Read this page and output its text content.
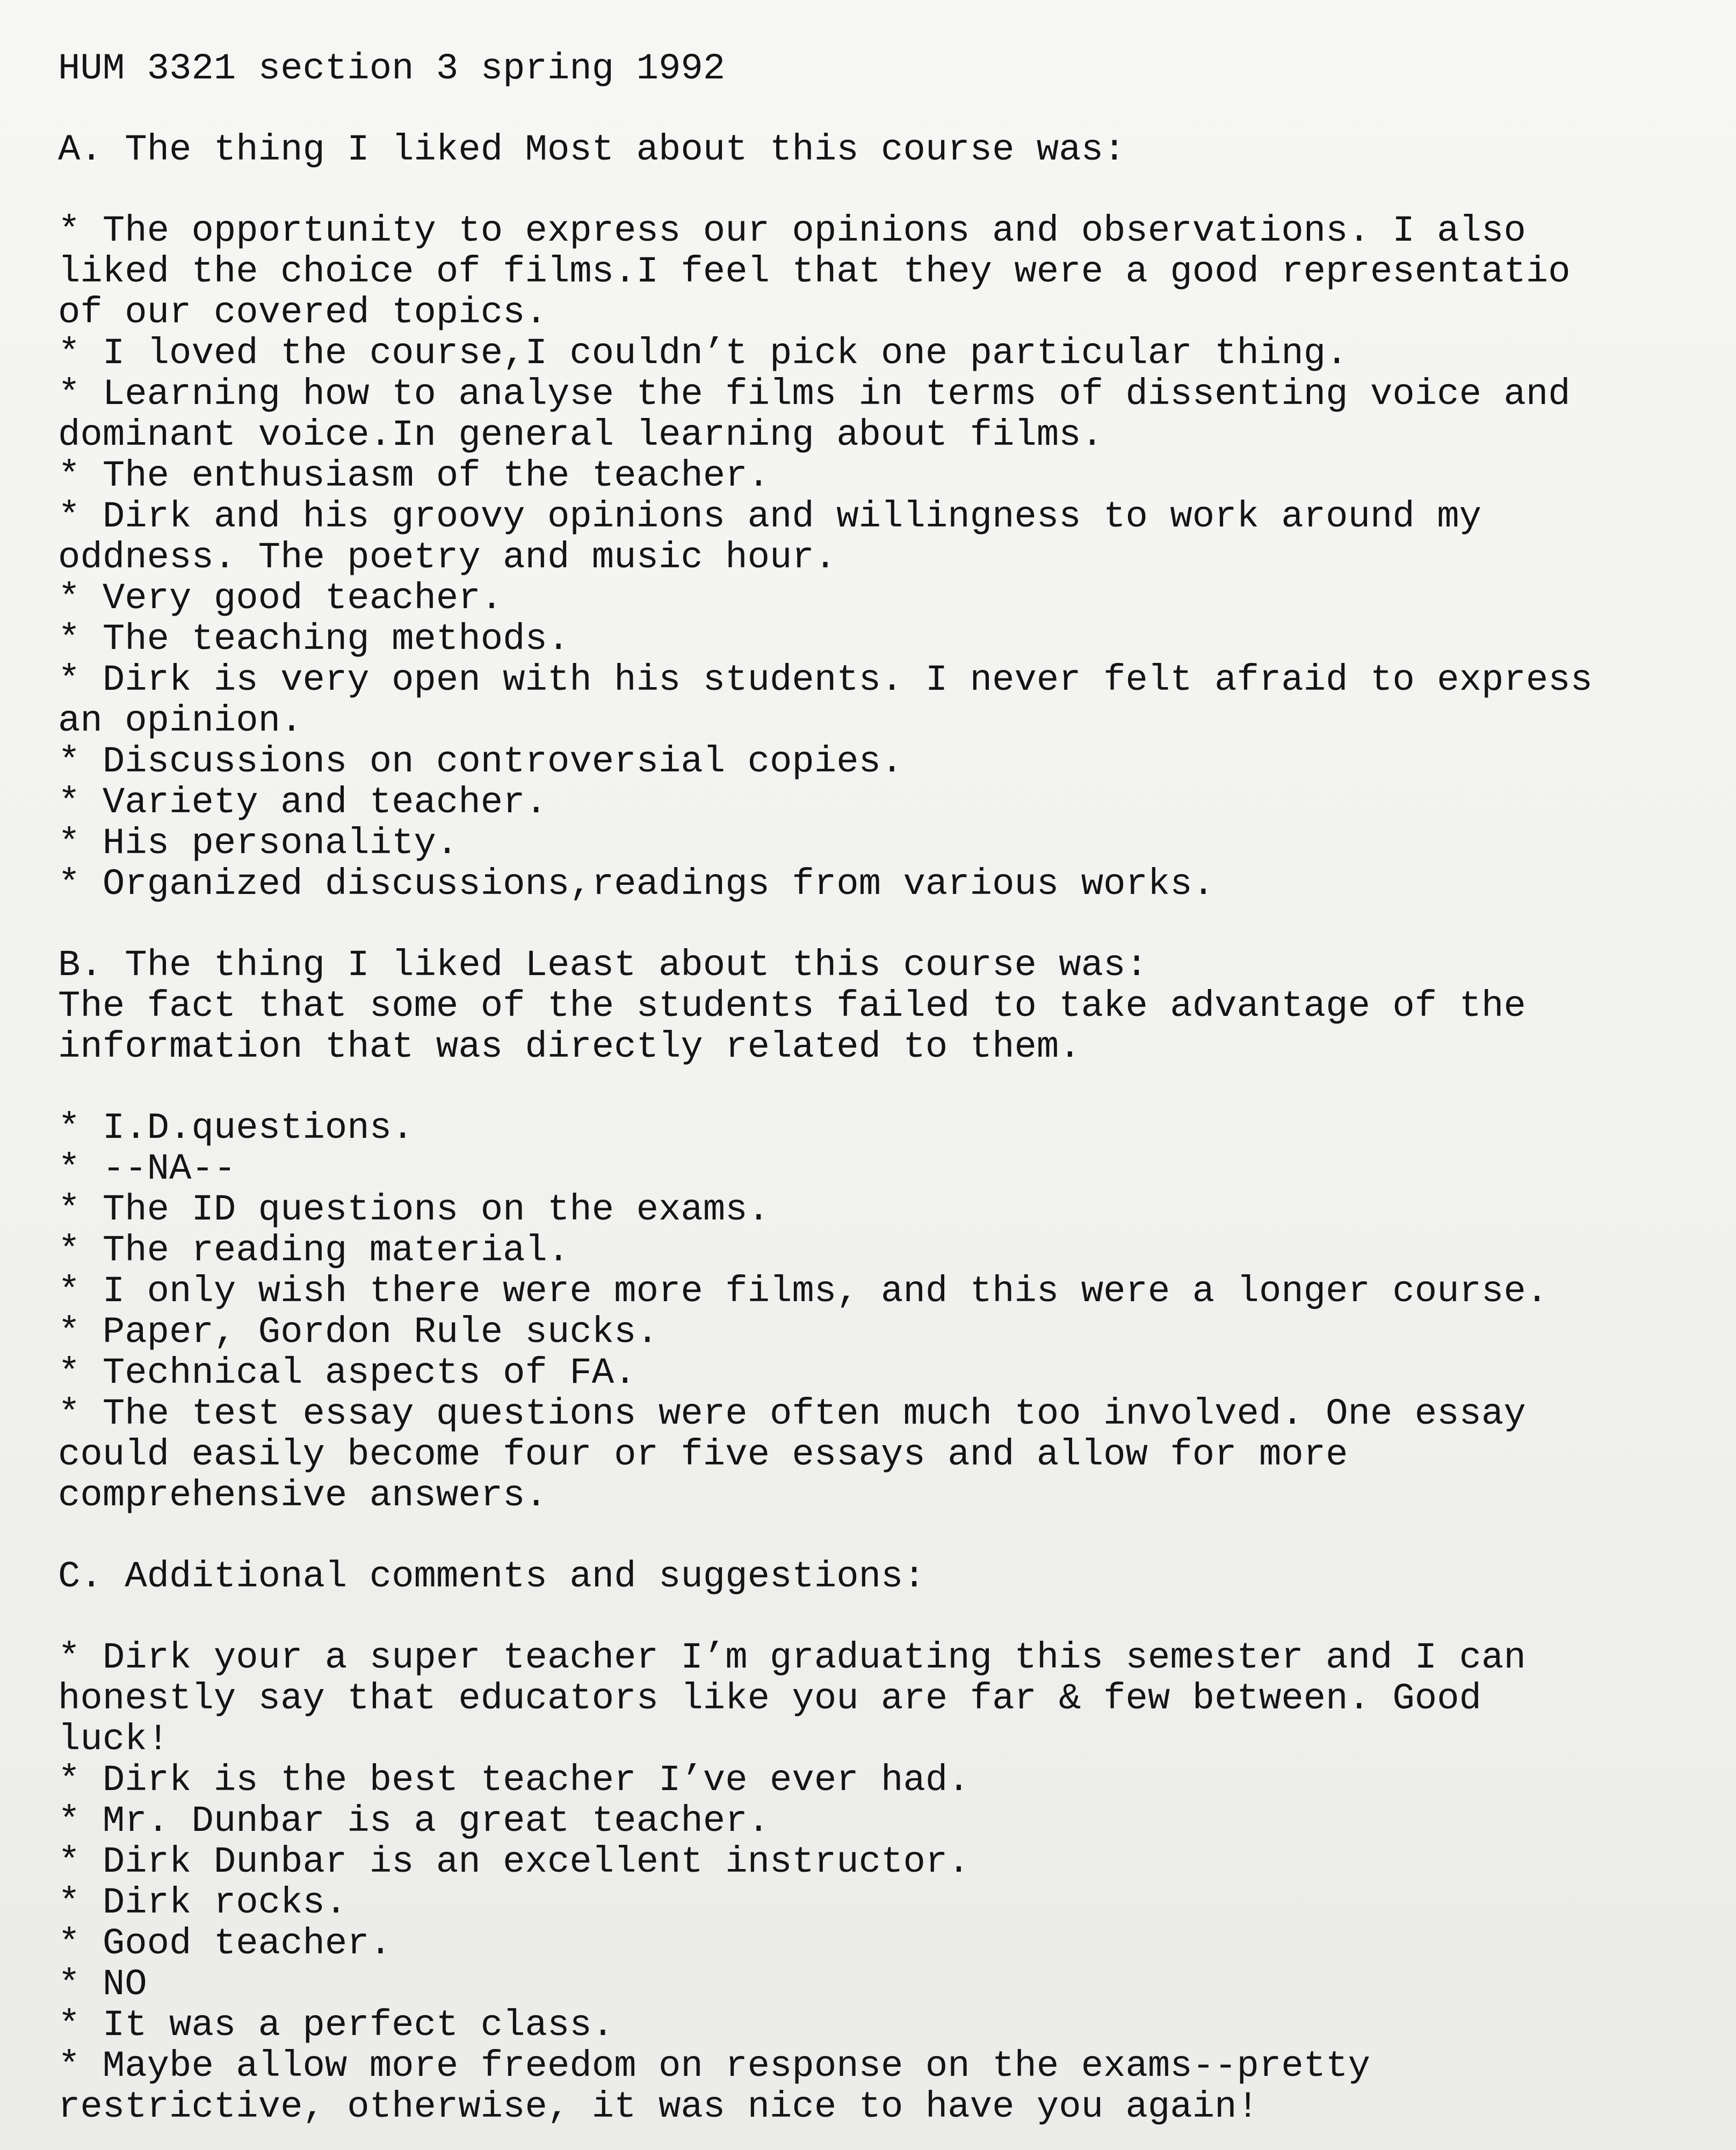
HUM 3321 section 3 spring 1992
A. The thing I liked Most about this course was:
* The opportunity to express our opinions and observations. I also
liked the choice of films.I feel that they were a good representatio
of our covered topics.
* I loved the course,I couldn’t pick one particular thing.
* Learning how to analyse the films in terms of dissenting voice and
dominant voice.In general learning about films.
* The enthusiasm of the teacher.
* Dirk and his groovy opinions and willingness to work around my
oddness. The poetry and music hour.
* Very good teacher.
* The teaching methods.
* Dirk is very open with his students. I never felt afraid to express
an opinion.
* Discussions on controversial copies.
* Variety and teacher.
* His personality.
* Organized discussions,readings from various works.
B. The thing I liked Least about this course was:
The fact that some of the students failed to take advantage of the
information that was directly related to them.
* I.D.questions.
* --NA--
* The ID questions on the exams.
* The reading material.
* I only wish there were more films, and this were a longer course.
* Paper, Gordon Rule sucks.
* Technical aspects of FA.
* The test essay questions were often much too involved. One essay
could easily become four or five essays and allow for more
comprehensive answers.
C. Additional comments and suggestions:
* Dirk your a super teacher I’m graduating this semester and I can
honestly say that educators like you are far & few between. Good
luck!
* Dirk is the best teacher I’ve ever had.
* Mr. Dunbar is a great teacher.
* Dirk Dunbar is an excellent instructor.
* Dirk rocks.
* Good teacher.
* NO
* It was a perfect class.
* Maybe allow more freedom on response on the exams--pretty
restrictive, otherwise, it was nice to have you again!
